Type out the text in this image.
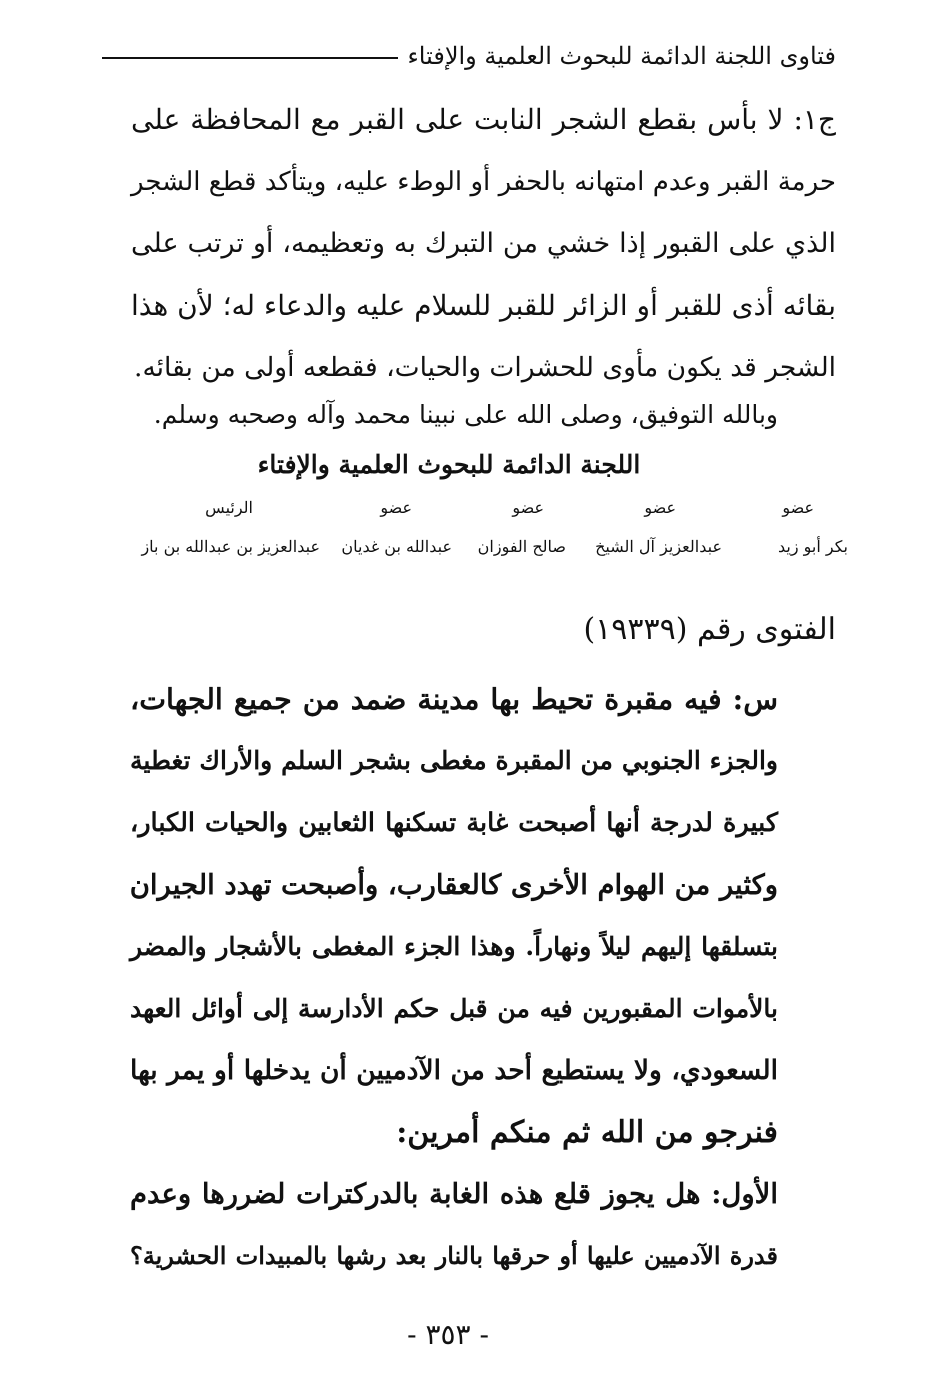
فتاوى اللجنة الدائمة للبحوث العلمية والإفتاء
ج١: لا بأس بقطع الشجر النابت على القبر مع المحافظة على
حرمة القبر وعدم امتهانه بالحفر أو الوطء عليه، ويتأكد قطع الشجر
الذي على القبور إذا خشي من التبرك به وتعظيمه، أو ترتب على
بقائه أذى للقبر أو الزائر للقبر للسلام عليه والدعاء له؛ لأن هذا
الشجر قد يكون مأوى للحشرات والحيات، فقطعه أولى من بقائه.
وبالله التوفيق، وصلى الله على نبينا محمد وآله وصحبه وسلم.
اللجنة الدائمة للبحوث العلمية والإفتاء
عضو
عضو
عضو
عضو
الرئيس
بكر أبو زيد
عبدالعزيز آل الشيخ
صالح الفوزان
عبدالله بن غديان
عبدالعزيز بن عبدالله بن باز
الفتوى رقم (١٩٣٣٩)
س: فيه مقبرة تحيط بها مدينة ضمد من جميع الجهات،
والجزء الجنوبي من المقبرة مغطى بشجر السلم والأراك تغطية
كبيرة لدرجة أنها أصبحت غابة تسكنها الثعابين والحيات الكبار،
وكثير من الهوام الأخرى كالعقارب، وأصبحت تهدد الجيران
بتسلقها إليهم ليلاً ونهاراً. وهذا الجزء المغطى بالأشجار والمضر
بالأموات المقبورين فيه من قبل حكم الأدارسة إلى أوائل العهد
السعودي، ولا يستطيع أحد من الآدميين أن يدخلها أو يمر بها
فنرجو من الله ثم منكم أمرين:
الأول: هل يجوز قلع هذه الغابة بالدركترات لضررها وعدم
قدرة الآدميين عليها أو حرقها بالنار بعد رشها بالمبيدات الحشرية؟
- ٣٥٣ -
